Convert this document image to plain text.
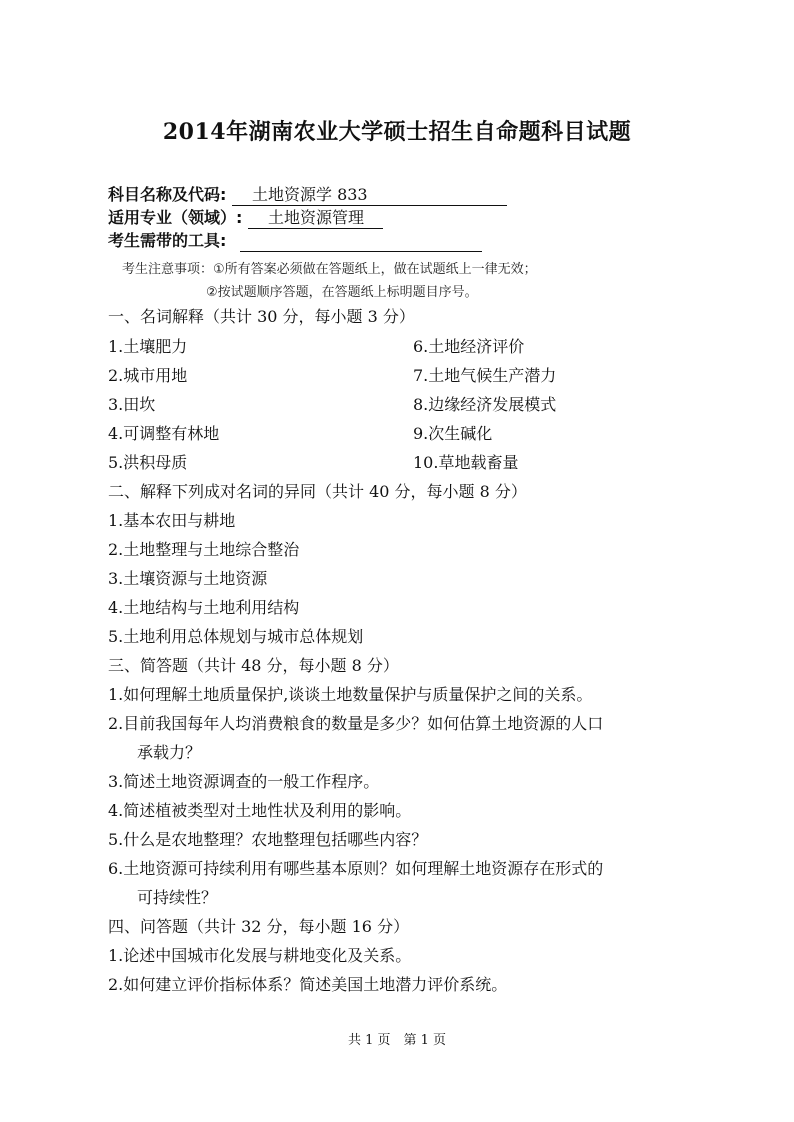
2014年湖南农业大学硕士招生自命题科目试题
科目名称及代码: 土地资源学 833
适用专业（领域）: 土地资源管理
考生需带的工具:
考生注意事项：①所有答案必须做在答题纸上，做在试题纸上一律无效；
②按试题顺序答题，在答题纸上标明题目序号。
一、名词解释（共计 30 分，每小题 3 分）
1.土壤肥力
2.城市用地
3.田坎
4.可调整有林地
5.洪积母质
6.土地经济评价
7.土地气候生产潜力
8.边缘经济发展模式
9.次生碱化
10.草地载畜量
二、解释下列成对名词的异同（共计 40 分，每小题 8 分）
1.基本农田与耕地
2.土地整理与土地综合整治
3.土壤资源与土地资源
4.土地结构与土地利用结构
5.土地利用总体规划与城市总体规划
三、简答题（共计 48 分，每小题 8 分）
1.如何理解土地质量保护,谈谈土地数量保护与质量保护之间的关系。
2.目前我国每年人均消费粮食的数量是多少？如何估算土地资源的人口
承载力？
3.简述土地资源调查的一般工作程序。
4.简述植被类型对土地性状及利用的影响。
5.什么是农地整理？农地整理包括哪些内容？
6.土地资源可持续利用有哪些基本原则？如何理解土地资源存在形式的
可持续性？
四、问答题（共计 32 分，每小题 16 分）
1.论述中国城市化发展与耕地变化及关系。
2.如何建立评价指标体系？简述美国土地潜力评价系统。
共 1 页　第 1 页
